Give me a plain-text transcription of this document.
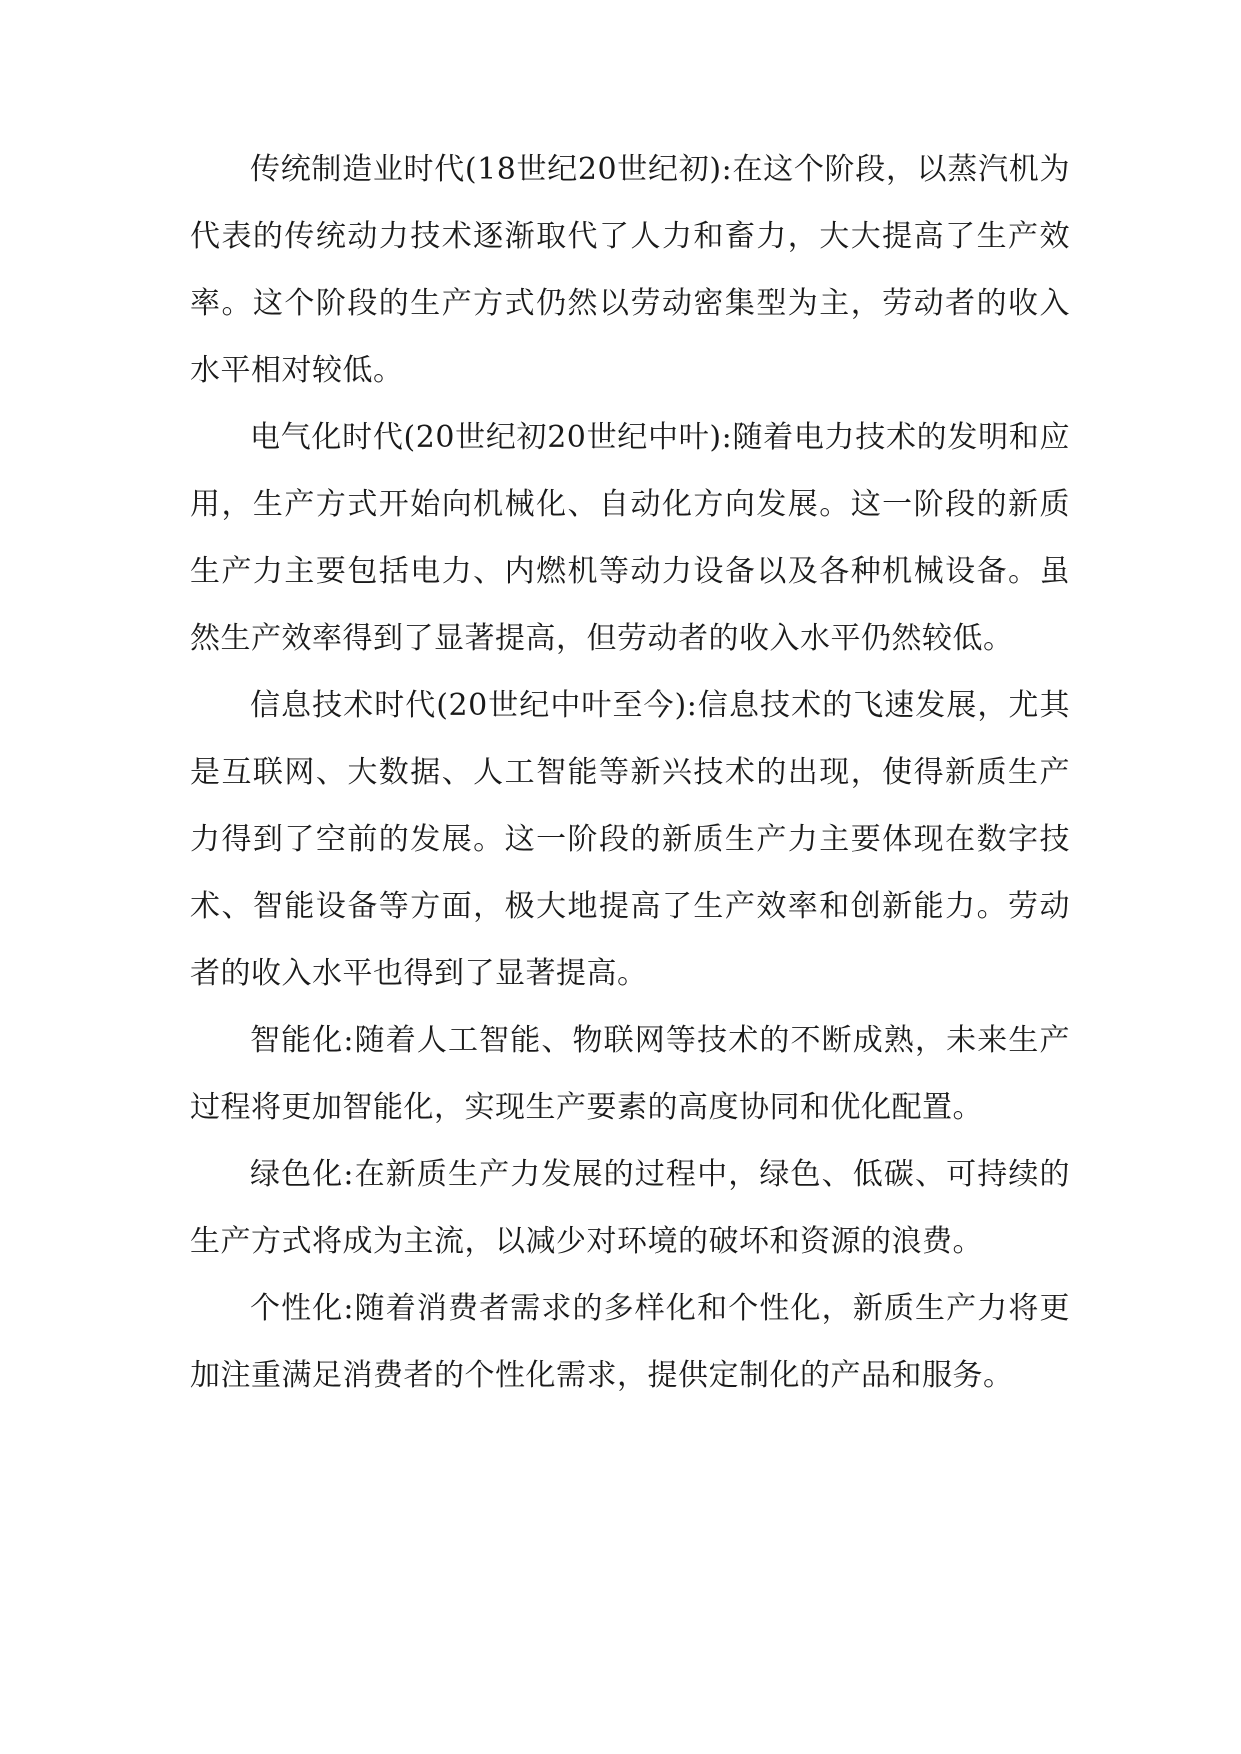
传统制造业时代(18世纪20世纪初):在这个阶段，以蒸汽机为代表的传统动力技术逐渐取代了人力和畜力，大大提高了生产效率。这个阶段的生产方式仍然以劳动密集型为主，劳动者的收入水平相对较低。

电气化时代(20世纪初20世纪中叶):随着电力技术的发明和应用，生产方式开始向机械化、自动化方向发展。这一阶段的新质生产力主要包括电力、内燃机等动力设备以及各种机械设备。虽然生产效率得到了显著提高，但劳动者的收入水平仍然较低。

信息技术时代(20世纪中叶至今):信息技术的飞速发展，尤其是互联网、大数据、人工智能等新兴技术的出现，使得新质生产力得到了空前的发展。这一阶段的新质生产力主要体现在数字技术、智能设备等方面，极大地提高了生产效率和创新能力。劳动者的收入水平也得到了显著提高。

智能化:随着人工智能、物联网等技术的不断成熟，未来生产过程将更加智能化，实现生产要素的高度协同和优化配置。

绿色化:在新质生产力发展的过程中，绿色、低碳、可持续的生产方式将成为主流，以减少对环境的破坏和资源的浪费。

个性化:随着消费者需求的多样化和个性化，新质生产力将更加注重满足消费者的个性化需求，提供定制化的产品和服务。
